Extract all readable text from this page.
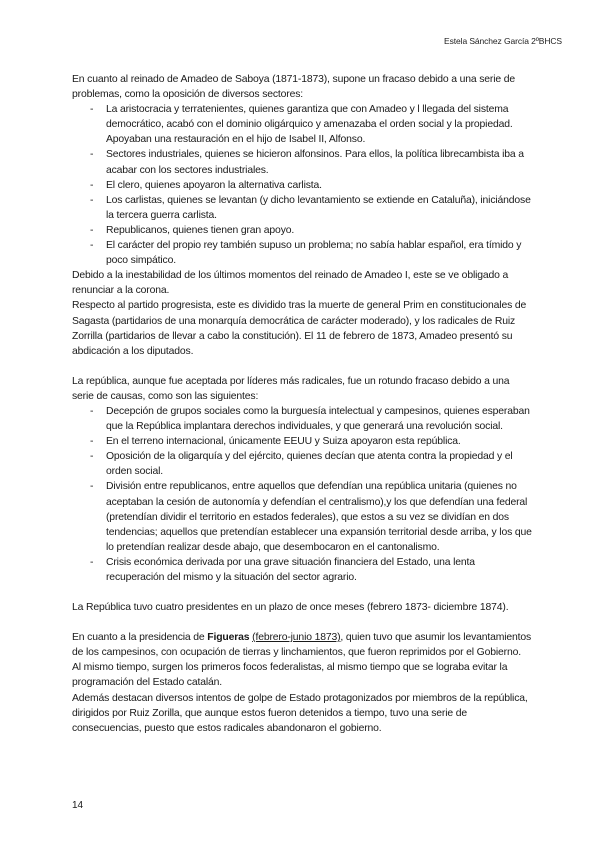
Estela Sánchez García 2ºBHCS

En cuanto al reinado de Amadeo de Saboya (1871-1873), supone un fracaso debido a una serie de problemas, como la oposición de diversos sectores:

- La aristocracia y terratenientes, quienes garantiza que con Amadeo y l llegada del sistema democrático, acabó con el dominio oligárquico y amenazaba el orden social y la propiedad. Apoyaban una restauración en el hijo de Isabel II, Alfonso.
- Sectores industriales, quienes se hicieron alfonsinos. Para ellos, la política librecambista iba a acabar con los sectores industriales.
- El clero, quienes apoyaron la alternativa carlista.
- Los carlistas, quienes se levantan (y dicho levantamiento se extiende en Cataluña), iniciándose la tercera guerra carlista.
- Republicanos, quienes tienen gran apoyo.
- El carácter del propio rey también supuso un problema; no sabía hablar español, era tímido y poco simpático.

Debido a la inestabilidad de los últimos momentos del reinado de Amadeo I, este se ve obligado a renunciar a la corona.

Respecto al partido progresista, este es dividido tras la muerte de general Prim en constitucionales de Sagasta (partidarios de una monarquía democrática de carácter moderado), y los radicales de Ruiz Zorrilla (partidarios de llevar a cabo la constitución). El 11 de febrero de 1873, Amadeo presentó su abdicación a los diputados.

La república, aunque fue aceptada por líderes más radicales, fue un rotundo fracaso debido a una serie de causas, como son las siguientes:

- Decepción de grupos sociales como la burguesía intelectual y campesinos, quienes esperaban que la República implantara derechos individuales, y que generará una revolución social.
- En el terreno internacional, únicamente EEUU y Suiza apoyaron esta república.
- Oposición de la oligarquía y del ejército, quienes decían que atenta contra la propiedad y el orden social.
- División entre republicanos, entre aquellos que defendían una república unitaria (quienes no aceptaban la cesión de autonomía y defendían el centralismo),y los que defendían una federal (pretendían dividir el territorio en estados federales), que estos a su vez se dividían en dos tendencias; aquellos que pretendían establecer una expansión territorial desde arriba, y los que lo pretendían realizar desde abajo, que desembocaron en el cantonalismo.
- Crisis económica derivada por una grave situación financiera del Estado, una lenta recuperación del mismo y la situación del sector agrario.

La República tuvo cuatro presidentes en un plazo de once meses (febrero 1873- diciembre 1874).

En cuanto a la presidencia de Figueras (febrero-junio 1873), quien tuvo que asumir los levantamientos de los campesinos, con ocupación de tierras y linchamientos, que fueron reprimidos por el Gobierno. Al mismo tiempo, surgen los primeros focos federalistas, al mismo tiempo que se lograba evitar la programación del Estado catalán.

Además destacan diversos intentos de golpe de Estado protagonizados por miembros de la república, dirigidos por Ruiz Zorilla, que aunque estos fueron detenidos a tiempo, tuvo una serie de consecuencias, puesto que estos radicales abandonaron el gobierno.

14
